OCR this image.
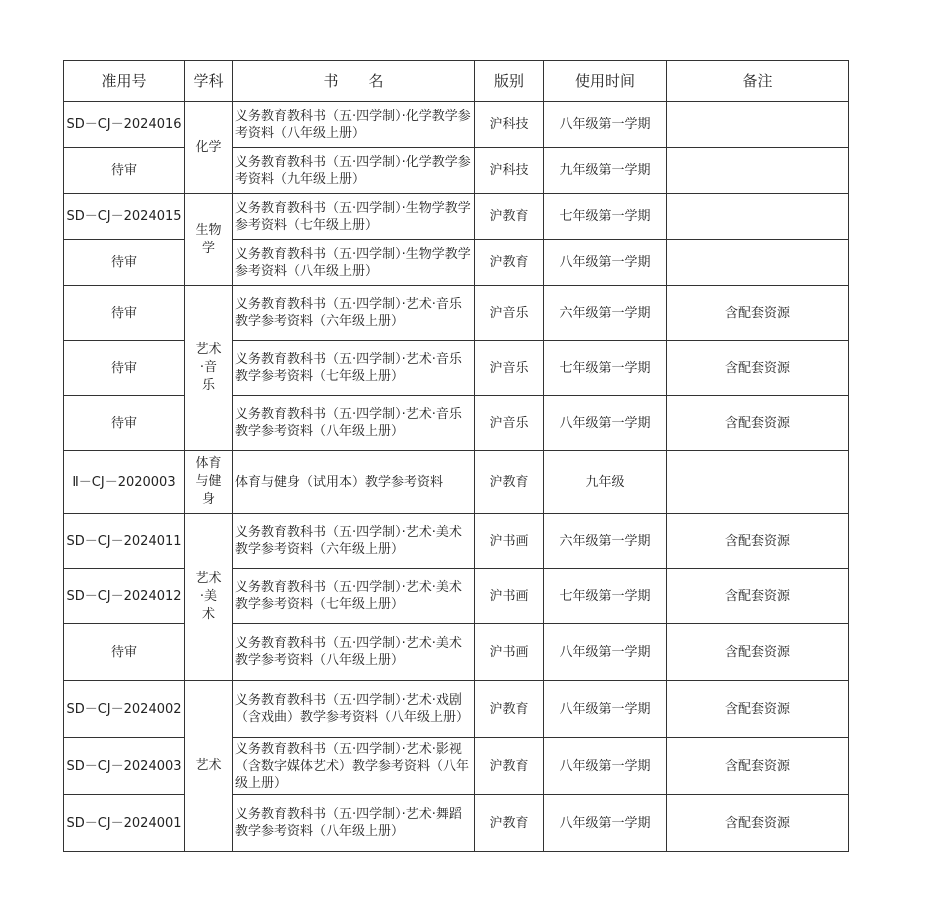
准用号	学科	书　　名	版别	使用时间	备注
SD－CJ－2024016	化学	义务教育教科书（五·四学制）·化学教学参考资料（八年级上册）	沪科技	八年级第一学期	
待审		义务教育教科书（五·四学制）·化学教学参考资料（九年级上册）	沪科技	九年级第一学期	
SD－CJ－2024015	生物学	义务教育教科书（五·四学制）·生物学教学参考资料（七年级上册）	沪教育	七年级第一学期	
待审		义务教育教科书（五·四学制）·生物学教学参考资料（八年级上册）	沪教育	八年级第一学期	
待审	艺术·音乐	义务教育教科书（五·四学制）·艺术·音乐 教学参考资料（六年级上册）	沪音乐	六年级第一学期	含配套资源
待审		义务教育教科书（五·四学制）·艺术·音乐 教学参考资料（七年级上册）	沪音乐	七年级第一学期	含配套资源
待审		义务教育教科书（五·四学制）·艺术·音乐 教学参考资料（八年级上册）	沪音乐	八年级第一学期	含配套资源
Ⅱ－CJ－2020003	体育与健身	体育与健身（试用本）教学参考资料	沪教育	九年级	
SD－CJ－2024011	艺术·美术	义务教育教科书（五·四学制）·艺术·美术教学参考资料（六年级上册）	沪书画	六年级第一学期	含配套资源
SD－CJ－2024012		义务教育教科书（五·四学制）·艺术·美术教学参考资料（七年级上册）	沪书画	七年级第一学期	含配套资源
待审		义务教育教科书（五·四学制）·艺术·美术教学参考资料（八年级上册）	沪书画	八年级第一学期	含配套资源
SD－CJ－2024002	艺术	义务教育教科书（五·四学制）·艺术·戏剧（含戏曲）教学参考资料（八年级上册）	沪教育	八年级第一学期	含配套资源
SD－CJ－2024003		义务教育教科书（五·四学制）·艺术·影视（含数字媒体艺术）教学参考资料（八年级上册）	沪教育	八年级第一学期	含配套资源
SD－CJ－2024001		义务教育教科书（五·四学制）·艺术·舞蹈教学参考资料（八年级上册）	沪教育	八年级第一学期	含配套资源
